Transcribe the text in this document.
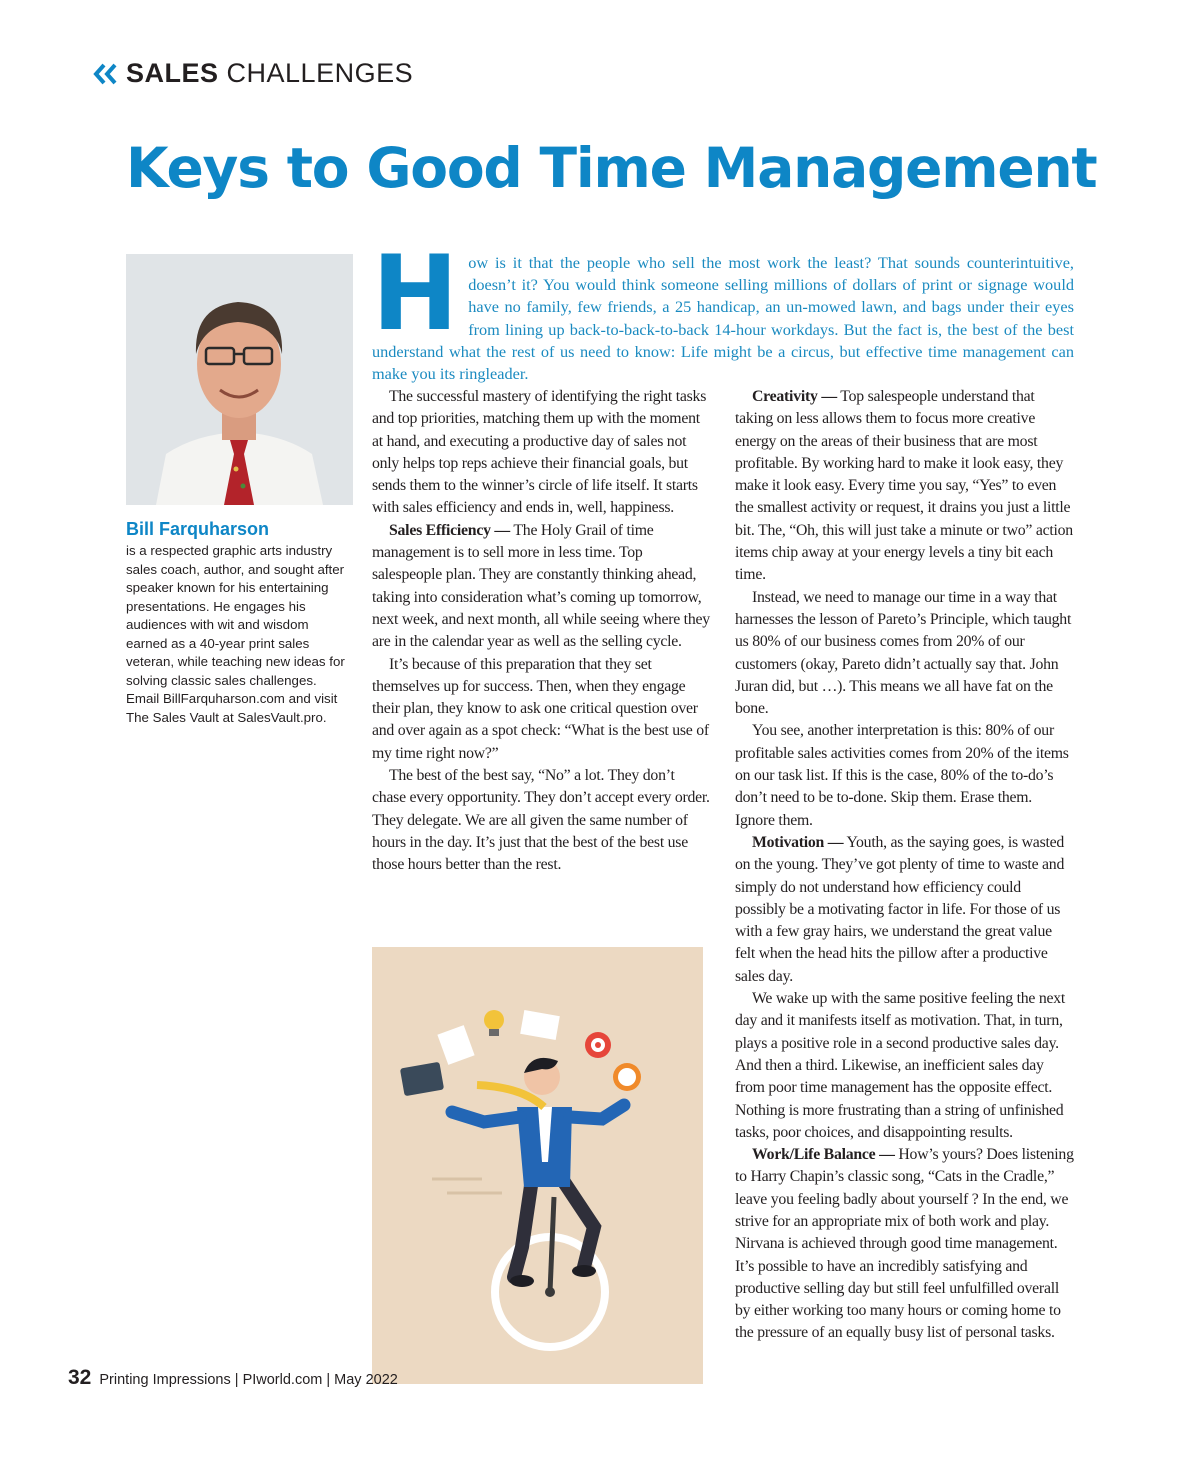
SALES CHALLENGES
Keys to Good Time Management
Bill Farquharson
is a respected graphic arts industry sales coach, author, and sought after speaker known for his entertaining presentations. He engages his audiences with wit and wisdom earned as a 40-year print sales veteran, while teaching new ideas for solving classic sales challenges. Email BillFarquharson.com and visit The Sales Vault at SalesVault.pro.
H ow is it that the people who sell the most work the least? That sounds counterintuitive, doesn’t it? You would think someone selling millions of dollars of print or signage would have no family, few friends, a 25 handicap, an un-mowed lawn, and bags under their eyes from lining up back-to-back-to-back 14-hour workdays. But the fact is, the best of the best understand what the rest of us need to know: Life might be a circus, but effective time management can make you its ringleader.

The successful mastery of identifying the right tasks and top priorities, matching them up with the moment at hand, and executing a productive day of sales not only helps top reps achieve their financial goals, but sends them to the winner’s circle of life itself. It starts with sales efficiency and ends in, well, happiness.

Sales Efficiency — The Holy Grail of time management is to sell more in less time. Top salespeople plan. They are constantly thinking ahead, taking into consideration what’s coming up tomorrow, next week, and next month, all while seeing where they are in the calendar year as well as the selling cycle.

It’s because of this preparation that they set themselves up for success. Then, when they engage their plan, they know to ask one critical question over and over again as a spot check: “What is the best use of my time right now?”

The best of the best say, “No” a lot. They don’t chase every opportunity. They don’t accept every order. They delegate. We are all given the same number of hours in the day. It’s just that the best of the best use those hours better than the rest.

Creativity — Top salespeople understand that taking on less allows them to focus more creative energy on the areas of their business that are most profitable. By working hard to make it look easy, they make it look easy. Every time you say, “Yes” to even the smallest activity or request, it drains you just a little bit. The, “Oh, this will just take a minute or two” action items chip away at your energy levels a tiny bit each time.

Instead, we need to manage our time in a way that harnesses the lesson of Pareto’s Principle, which taught us 80% of our business comes from 20% of our customers (okay, Pareto didn’t actually say that. John Juran did, but …). This means we all have fat on the bone.

You see, another interpretation is this: 80% of our profitable sales activities comes from 20% of the items on our task list. If this is the case, 80% of the to-do’s don’t need to be to-done. Skip them. Erase them. Ignore them.

Motivation — Youth, as the saying goes, is wasted on the young. They’ve got plenty of time to waste and simply do not understand how efficiency could possibly be a motivating factor in life. For those of us with a few gray hairs, we understand the great value felt when the head hits the pillow after a productive sales day.

We wake up with the same positive feeling the next day and it manifests itself as motivation. That, in turn, plays a positive role in a second productive sales day. And then a third. Likewise, an inefficient sales day from poor time management has the opposite effect. Nothing is more frustrating than a string of unfinished tasks, poor choices, and disappointing results.

Work/Life Balance — How’s yours? Does listening to Harry Chapin’s classic song, “Cats in the Cradle,” leave you feeling badly about yourself ? In the end, we strive for an appropriate mix of both work and play. Nirvana is achieved through good time management. It’s possible to have an incredibly satisfying and productive selling day but still feel unfulfilled overall by either working too many hours or coming home to the pressure of an equally busy list of personal tasks.

32 Printing Impressions | PIworld.com | May 2022
